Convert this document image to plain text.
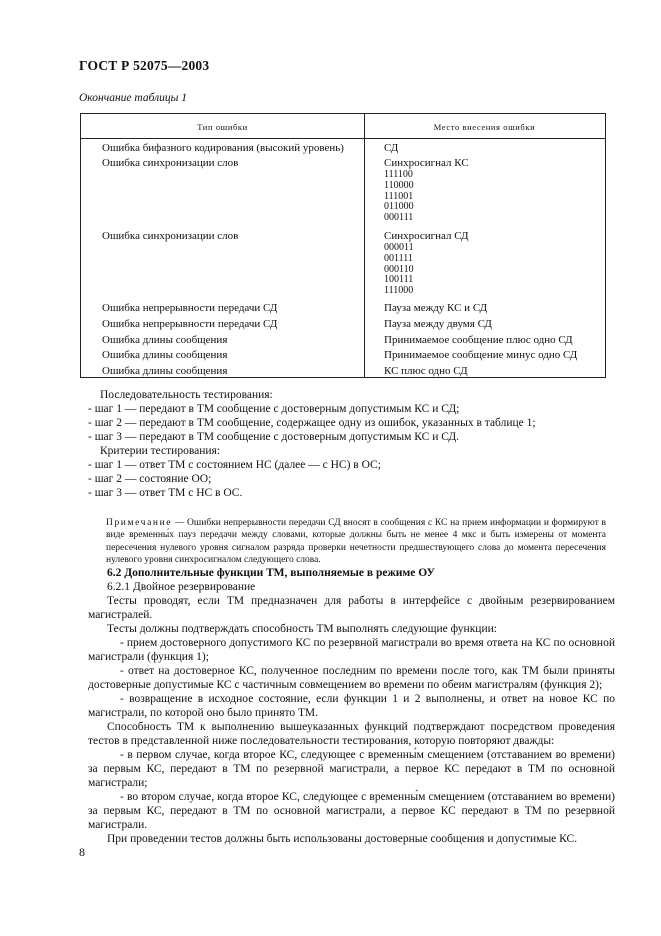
ГОСТ Р 52075—2003
Окончание таблицы 1
Тип ошибки	Место внесения ошибки
Ошибка бифазного кодирования (высокий уровень)	СД
Ошибка синхронизации слов	Синхросигнал КС

111100
110000
111001
011000
000111
Ошибка синхронизации слов	Синхросигнал СД

000011
001111
000110
100111
111000
Ошибка непрерывности передачи СД	Пауза между КС и СД
Ошибка непрерывности передачи СД	Пауза между двумя СД
Ошибка длины сообщения	Принимаемое сообщение плюс одно СД
Ошибка длины сообщения	Принимаемое сообщение минус одно СД
Ошибка длины сообщения	КС плюс одно СД

Последовательность тестирования:

- шаг 1 — передают в ТМ сообщение с достоверным допустимым КС и СД;

- шаг 2 — передают в ТМ сообщение, содержащее одну из ошибок, указанных в таблице 1;

- шаг 3 — передают в ТМ сообщение с достоверным допустимым КС и СД.

Критерии тестирования:

- шаг 1 — ответ ТМ с состоянием НС (далее — с НС) в ОС;

- шаг 2 — состояние ОО;

- шаг 3 — ответ ТМ с НС в ОС.

Примечание — Ошибки непрерывности передачи СД вносят в сообщения с КС на прием информации и формируют в виде временны́х пауз передачи между словами, которые должны быть не менее 4 мкс и быть измерены от момента пересечения нулевого уровня сигналом разряда проверки нечетности предшествующего слова до момента пересечения нулевого уровня синхросигналом следующего слова.

6.2 Дополнительные функции ТМ, выполняемые в режиме ОУ

6.2.1 Двойное резервирование

Тесты проводят, если ТМ предназначен для работы в интерфейсе с двойным резервированием магистралей.

Тесты должны подтверждать способность ТМ выполнять следующие функции:

- прием достоверного допустимого КС по резервной магистрали во время ответа на КС по основной магистрали (функция 1);

- ответ на достоверное КС, полученное последним по времени после того, как ТМ были приняты достоверные допустимые КС с частичным совмещением во времени по обеим магистралям (функция 2);

- возвращение в исходное состояние, если функции 1 и 2 выполнены, и ответ на новое КС по магистрали, по которой оно было принято ТМ.

Способность ТМ к выполнению вышеуказанных функций подтверждают посредством проведения тестов в представленной ниже последовательности тестирования, которую повторяют дважды:

- в первом случае, когда второе КС, следующее с временны́м смещением (отставанием во времени) за первым КС, передают в ТМ по резервной магистрали, а первое КС передают в ТМ по основной магистрали;

- во втором случае, когда второе КС, следующее с временны́м смещением (отставанием во времени) за первым КС, передают в ТМ по основной магистрали, а первое КС передают в ТМ по резервной магистрали.

При проведении тестов должны быть использованы достоверные сообщения и допустимые КС.

8
